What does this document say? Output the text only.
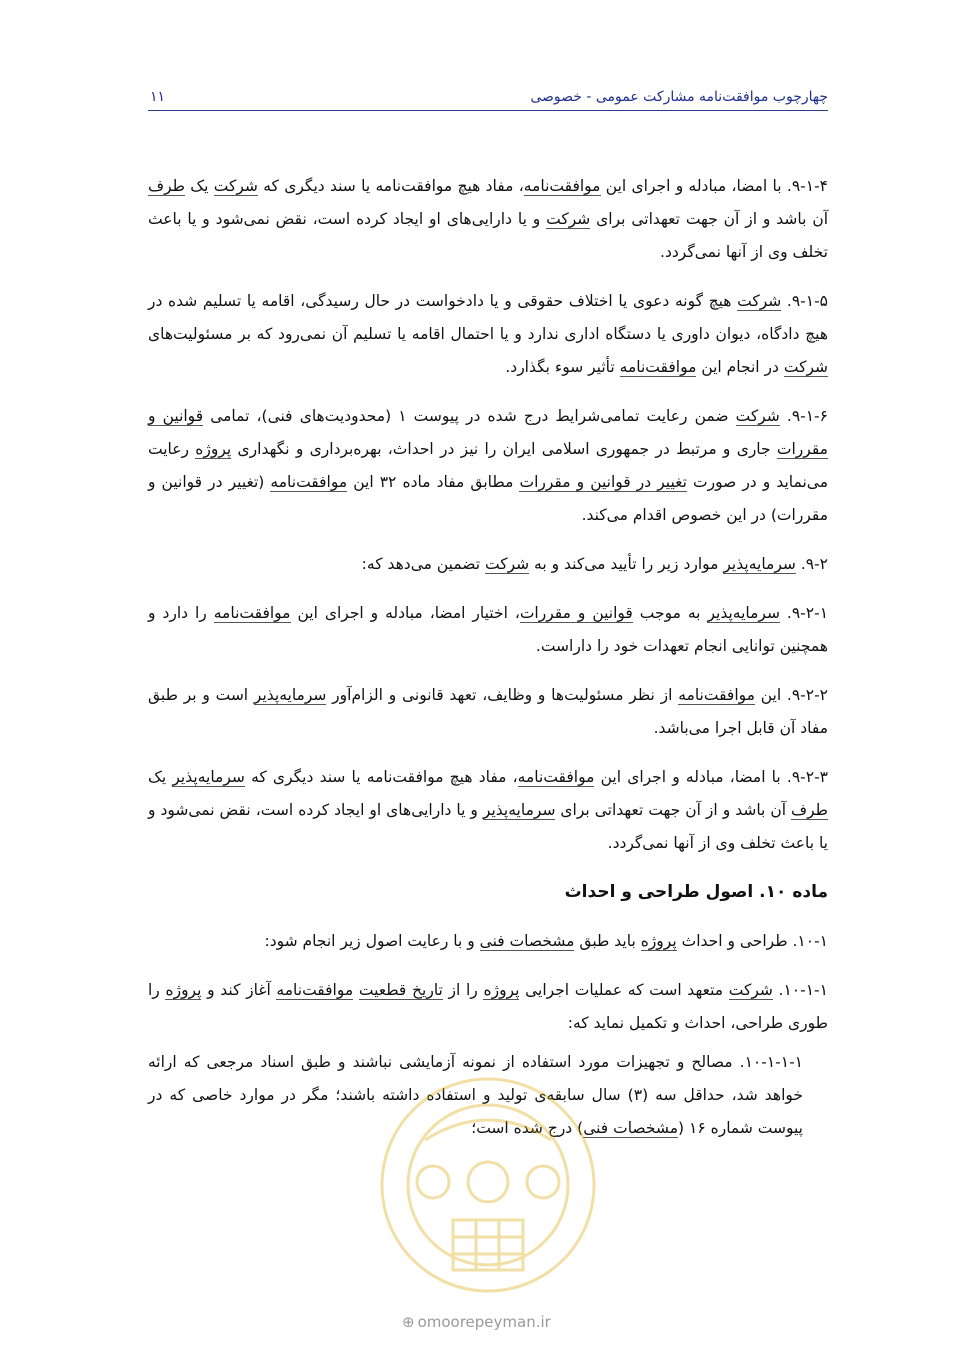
چهارچوب موافقت‌نامه مشارکت عمومی - خصوصی
۱۱

۹-۱-۴. با امضا، مبادله و اجرای این موافقت‌نامه، مفاد هیچ موافقت‌نامه یا سند دیگری که شرکت یک طرف آن باشد و از آن جهت تعهداتی برای شرکت و یا دارایی‌های او ایجاد کرده است، نقض نمی‌شود و یا باعث تخلف وی از آنها نمی‌گردد.

۹-۱-۵. شرکت هیچ گونه دعوی یا اختلاف حقوقی و یا دادخواست در حال رسیدگی، اقامه یا تسلیم شده در هیچ دادگاه، دیوان داوری یا دستگاه اداری ندارد و یا احتمال اقامه یا تسلیم آن نمی‌رود که بر مسئولیت‌های شرکت در انجام این موافقت‌نامه تأثیر سوء بگذارد.

۹-۱-۶. شرکت ضمن رعایت تمامی‌شرایط درج شده در پیوست ۱ (محدودیت‌های فنی)، تمامی قوانین و مقررات جاری و مرتبط در جمهوری اسلامی ایران را نیز در احداث، بهره‌برداری و نگهداری پروژه رعایت می‌نماید و در صورت تغییر در قوانین و مقررات مطابق مفاد ماده ۳۲ این موافقت‌نامه (تغییر در قوانین و مقررات) در این خصوص اقدام می‌کند.

۹-۲. سرمایه‌پذیر موارد زیر را تأیید می‌کند و به شرکت تضمین می‌دهد که:

۹-۲-۱. سرمایه‌پذیر به موجب قوانین و مقررات، اختیار امضا، مبادله و اجرای این موافقت‌نامه را دارد و همچنین توانایی انجام تعهدات خود را داراست.

۹-۲-۲. این موافقت‌نامه از نظر مسئولیت‌ها و وظایف، تعهد قانونی و الزام‌آور سرمایه‌پذیر است و بر طبق مفاد آن قابل اجرا می‌باشد.

۹-۲-۳. با امضا، مبادله و اجرای این موافقت‌نامه، مفاد هیچ موافقت‌نامه یا سند دیگری که سرمایه‌پذیر یک طرف آن باشد و از آن جهت تعهداتی برای سرمایه‌پذیر و یا دارایی‌های او ایجاد کرده است، نقض نمی‌شود و یا باعث تخلف وی از آنها نمی‌گردد.

ماده ۱۰. اصول طراحی و احداث

۱۰-۱. طراحی و احداث پروژه باید طبق مشخصات فنی و با رعایت اصول زیر انجام شود:

۱۰-۱-۱. شرکت متعهد است که عملیات اجرایی پروژه را از تاریخ قطعیت موافقت‌نامه آغاز کند و پروژه را طوری طراحی، احداث و تکمیل نماید که:

۱۰-۱-۱-۱. مصالح و تجهیزات مورد استفاده از نمونه آزمایشی نباشند و طبق اسناد مرجعی که ارائه خواهد شد، حداقل سه (۳) سال سابقه‌ی تولید و استفاده داشته باشند؛ مگر در موارد خاصی که در پیوست شماره ۱۶ (مشخصات فنی) درج شده است؛

⊕ omoorepeyman.ir
